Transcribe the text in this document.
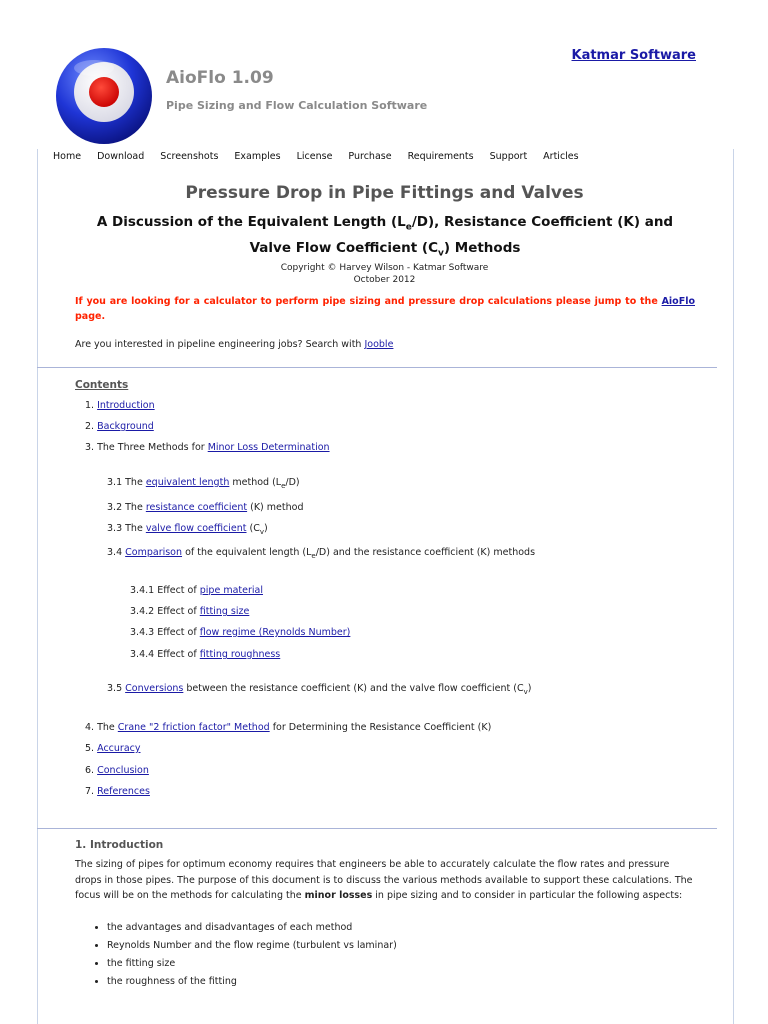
Katmar Software
AioFlo 1.09
Pipe Sizing and Flow Calculation Software
Home Download Screenshots Examples License Purchase Requirements Support Articles
Pressure Drop in Pipe Fittings and Valves
A Discussion of the Equivalent Length $(L_e/D)$, Resistance Coefficient (K) and
Valve Flow Coefficient $(C_v)$ Methods
Copyright © Harvey Wilson - Katmar Software
October 2012
If you are looking for a calculator to perform pipe sizing and pressure drop calculations please jump to the AioFlo page.
Are you interested in pipeline engineering jobs? Search with Jooble
Contents
1. Introduction
2. Background
3. The Three Methods for Minor Loss Determination
3.1 The equivalent length method $(L_e/D)$
3.2 The resistance coefficient (K) method
3.3 The valve flow coefficient $(C_v)$
3.4 Comparison of the equivalent length $(L_e/D)$ and the resistance coefficient (K) methods
3.4.1 Effect of pipe material
3.4.2 Effect of fitting size
3.4.3 Effect of flow regime (Reynolds Number)
3.4.4 Effect of fitting roughness
3.5 Conversions between the resistance coefficient (K) and the valve flow coefficient $(C_v)$
4. The Crane "2 friction factor" Method for Determining the Resistance Coefficient (K)
5. Accuracy
6. Conclusion
7. References
1. Introduction
The sizing of pipes for optimum economy requires that engineers be able to accurately calculate the flow rates and pressure drops in those pipes. The purpose of this document is to discuss the various methods available to support these calculations. The focus will be on the methods for calculating the minor losses in pipe sizing and to consider in particular the following aspects:
• the advantages and disadvantages of each method
• Reynolds Number and the flow regime (turbulent vs laminar)
• the fitting size
• the roughness of the fitting
